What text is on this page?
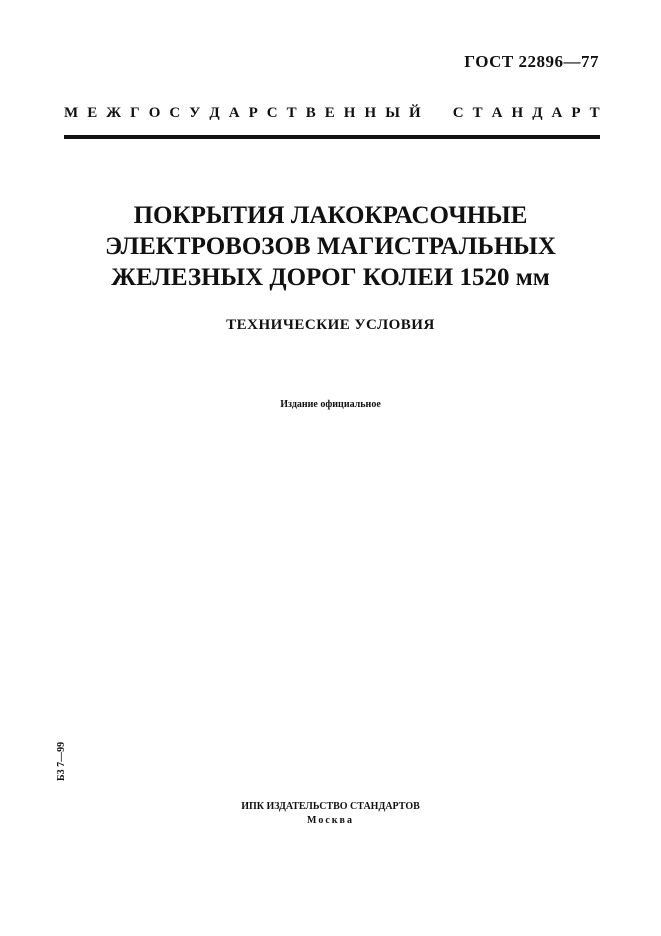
ГОСТ 22896—77
М Е Ж Г О С У Д А Р С Т В Е Н Н Ы Й
С Т А Н Д А Р Т
ПОКРЫТИЯ ЛАКОКРАСОЧНЫЕ
ЭЛЕКТРОВОЗОВ МАГИСТРАЛЬНЫХ
ЖЕЛЕЗНЫХ ДОРОГ КОЛЕИ 1520 мм
ТЕХНИЧЕСКИЕ УСЛОВИЯ
Издание официальное
Б3 7—99
ИПК ИЗДАТЕЛЬСТВО СТАНДАРТОВ
Москва
